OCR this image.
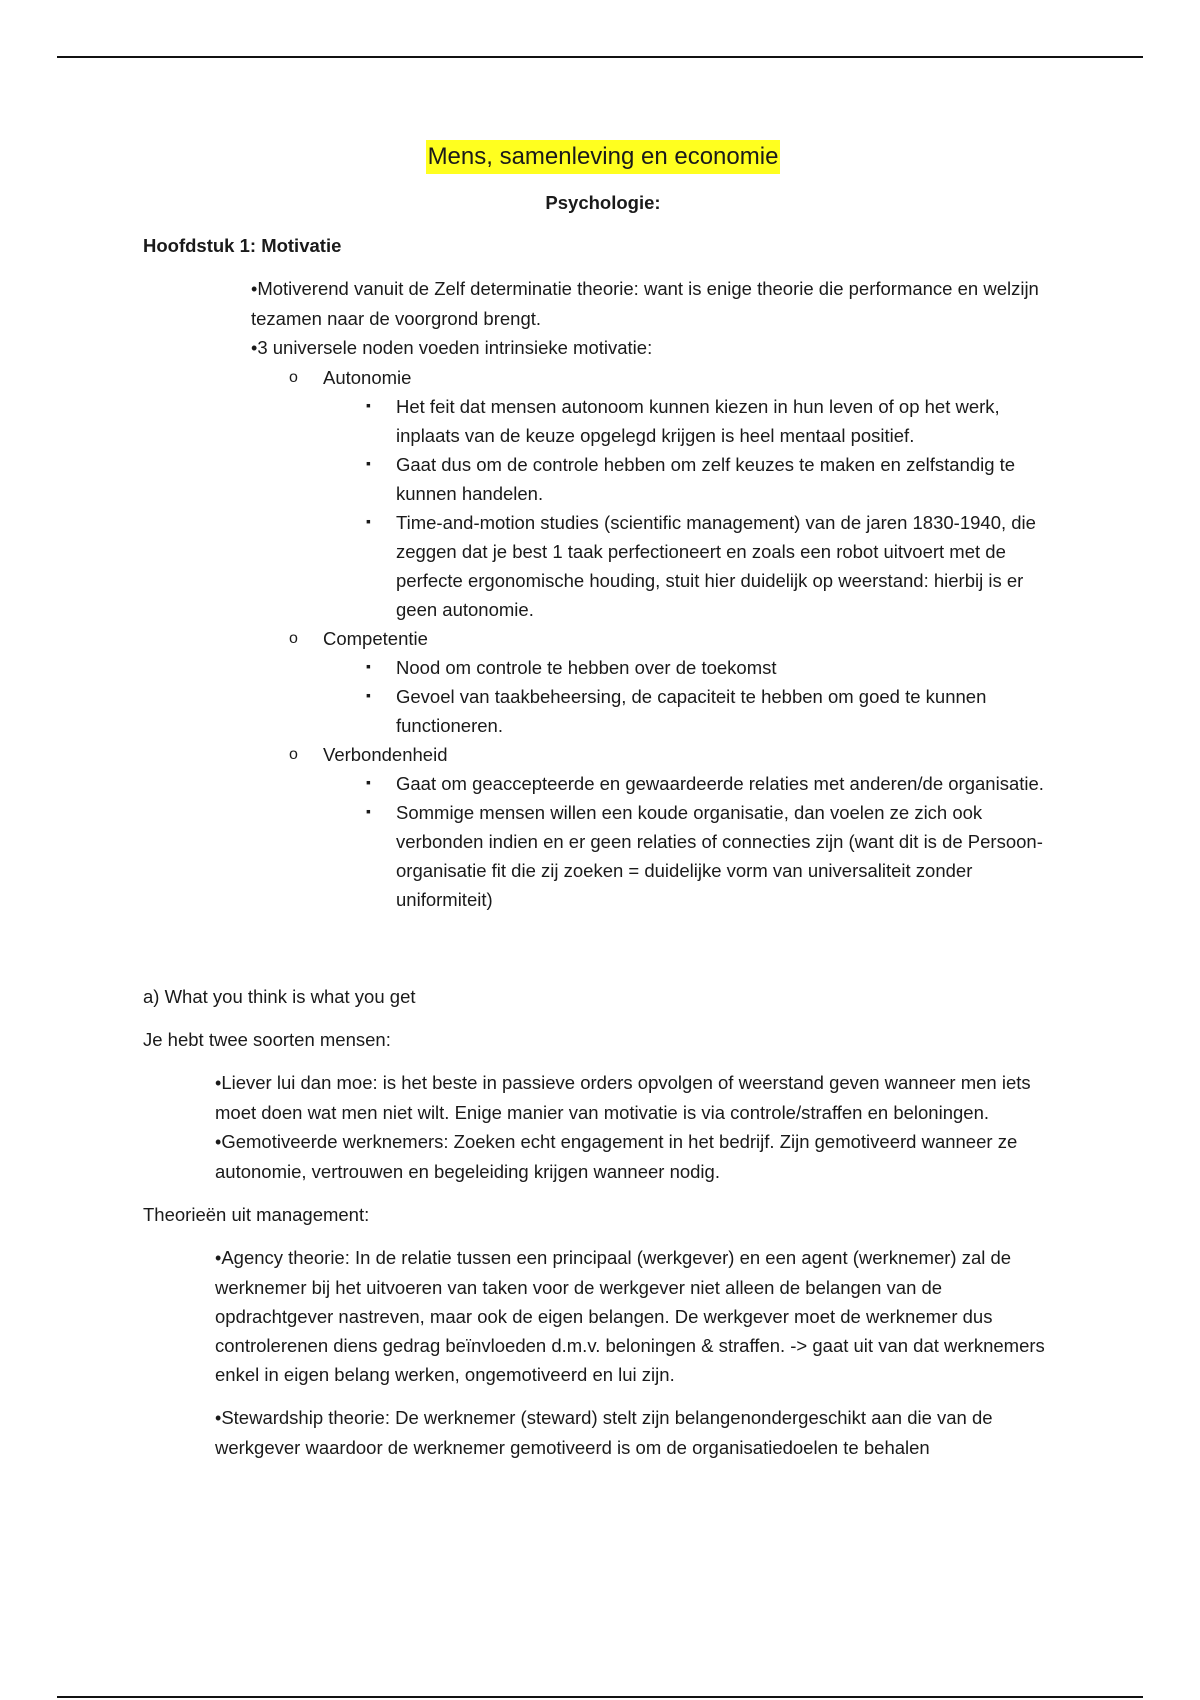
Mens, samenleving en economie
Psychologie:
Hoofdstuk 1: Motivatie
•Motiverend vanuit de Zelf determinatie theorie: want is enige theorie die performance en welzijn tezamen naar de voorgrond brengt.
•3 universele noden voeden intrinsieke motivatie:
o Autonomie
▪ Het feit dat mensen autonoom kunnen kiezen in hun leven of op het werk, inplaats van de keuze opgelegd krijgen is heel mentaal positief.
▪ Gaat dus om de controle hebben om zelf keuzes te maken en zelfstandig te kunnen handelen.
▪ Time-and-motion studies (scientific management) van de jaren 1830-1940, die zeggen dat je best 1 taak perfectioneert en zoals een robot uitvoert met de perfecte ergonomische houding, stuit hier duidelijk op weerstand: hierbij is er geen autonomie.
o Competentie
▪ Nood om controle te hebben over de toekomst
▪ Gevoel van taakbeheersing, de capaciteit te hebben om goed te kunnen functioneren.
o Verbondenheid
▪ Gaat om geaccepteerde en gewaardeerde relaties met anderen/de organisatie.
▪ Sommige mensen willen een koude organisatie, dan voelen ze zich ook verbonden indien en er geen relaties of connecties zijn (want dit is de Persoon-organisatie fit die zij zoeken = duidelijke vorm van universaliteit zonder uniformiteit)

a) What you think is what you get

Je hebt twee soorten mensen:

•Liever lui dan moe: is het beste in passieve orders opvolgen of weerstand geven wanneer men iets moet doen wat men niet wilt. Enige manier van motivatie is via controle/straffen en beloningen.
•Gemotiveerde werknemers: Zoeken echt engagement in het bedrijf. Zijn gemotiveerd wanneer ze autonomie, vertrouwen en begeleiding krijgen wanneer nodig.

Theorieën uit management:

•Agency theorie: In de relatie tussen een principaal (werkgever) en een agent (werknemer) zal de werknemer bij het uitvoeren van taken voor de werkgever niet alleen de belangen van de opdrachtgever nastreven, maar ook de eigen belangen. De werkgever moet de werknemer dus controlerenen diens gedrag beïnvloeden d.m.v. beloningen & straffen. -> gaat uit van dat werknemers enkel in eigen belang werken, ongemotiveerd en lui zijn.
•Stewardship theorie: De werknemer (steward) stelt zijn belangenondergeschikt aan die van de werkgever waardoor de werknemer gemotiveerd is om de organisatiedoelen te behalen
